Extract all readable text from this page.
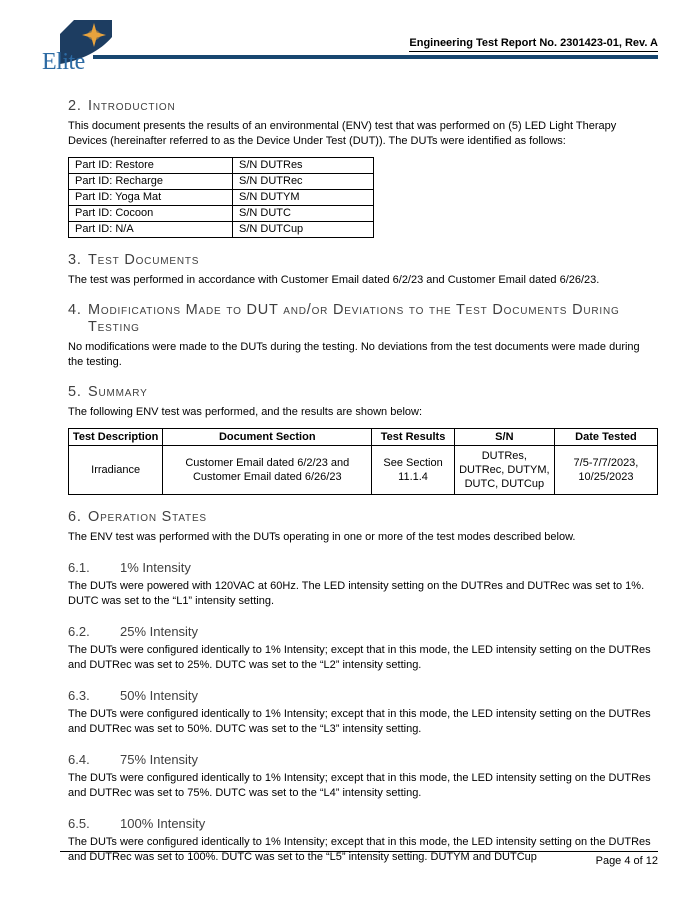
Elite
Engineering Test Report No. 2301423-01, Rev. A
2. Introduction

This document presents the results of an environmental (ENV) test that was performed on (5) LED Light Therapy Devices (hereinafter referred to as the Device Under Test (DUT)). The DUTs were identified as follows:

Part ID: Restore	S/N DUTRes
Part ID: Recharge	S/N DUTRec
Part ID: Yoga Mat	S/N DUTYM
Part ID: Cocoon	S/N DUTC
Part ID: N/A	S/N DUTCup
3. Test Documents

The test was performed in accordance with Customer Email dated 6/2/23 and Customer Email dated 6/26/23.

4. Modifications Made to DUT and/or Deviations to the Test Documents During Testing

No modifications were made to the DUTs during the testing. No deviations from the test documents were made during the testing.

5. Summary

The following ENV test was performed, and the results are shown below:

Test Description	Document Section	Test Results	S/N	Date Tested
Irradiance	Customer Email dated 6/2/23 and Customer Email dated 6/26/23	See Section 11.1.4	DUTRes, DUTRec, DUTYM, DUTC, DUTCup	7/5-7/7/2023, 10/25/2023
6. Operation States

The ENV test was performed with the DUTs operating in one or more of the test modes described below.

6.1. 1% Intensity

The DUTs were powered with 120VAC at 60Hz. The LED intensity setting on the DUTRes and DUTRec was set to 1%. DUTC was set to the “L1” intensity setting.

6.2. 25% Intensity

The DUTs were configured identically to 1% Intensity; except that in this mode, the LED intensity setting on the DUTRes and DUTRec was set to 25%. DUTC was set to the “L2” intensity setting.

6.3. 50% Intensity

The DUTs were configured identically to 1% Intensity; except that in this mode, the LED intensity setting on the DUTRes and DUTRec was set to 50%. DUTC was set to the “L3” intensity setting.

6.4. 75% Intensity

The DUTs were configured identically to 1% Intensity; except that in this mode, the LED intensity setting on the DUTRes and DUTRec was set to 75%. DUTC was set to the “L4” intensity setting.

6.5. 100% Intensity

The DUTs were configured identically to 1% Intensity; except that in this mode, the LED intensity setting on the DUTRes and DUTRec was set to 100%. DUTC was set to the “L5” intensity setting. DUTYM and DUTCup	Page 4 of 12
